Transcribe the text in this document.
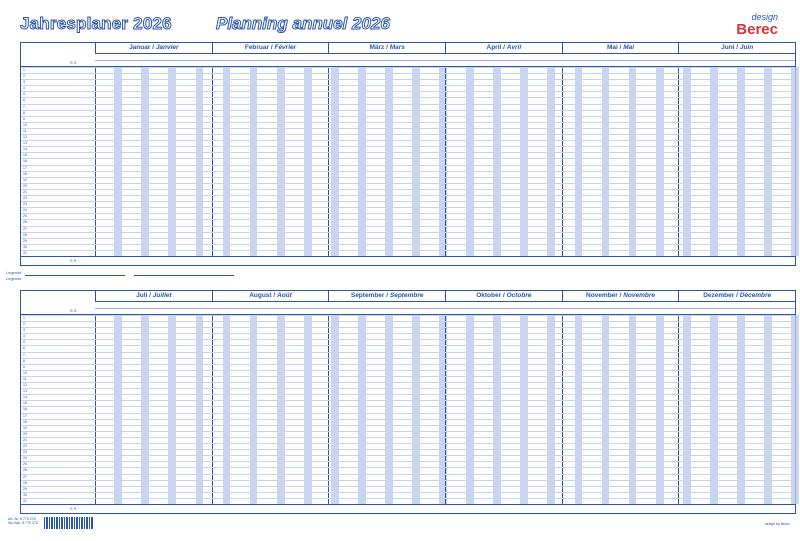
Jahresplaner 2026	Planning annuel 2026	design
Berec
Januar / Janvier	Februar / Février	März / Mars	April / Avril	Mai / Mai	Juni / Juin
S S
1
2
3
4
5
6
7
8
9
10
11
12
13
14
15
16
17
18
19
20
21
22
23
24
25
26
27
28
29
30
31
S S
Legende
Légende
Juli / Juillet	August / Août	September / Septembre	Oktober / Octobre	November / Novembre	Dezember / Décembre
S S
1
2
3
4
5
6
7
8
9
10
11
12
13
14
15
16
17
18
19
20
21
22
23
24
25
26
27
28
29
30
31
S S
Art.-Nr. 8 775 276
No d'art. 8 775 276	design by Berec
